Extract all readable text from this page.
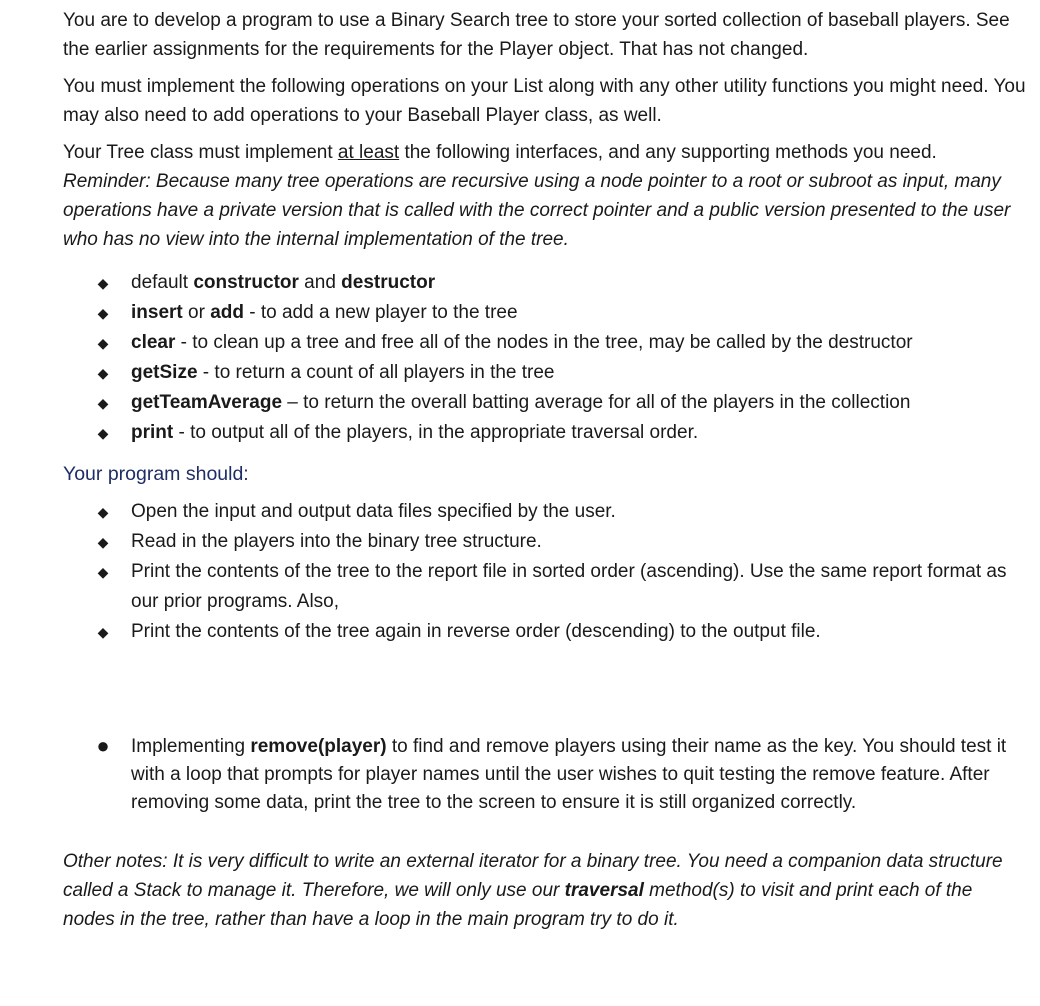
You are to develop a program to use a Binary Search tree to store your sorted collection of baseball players. See the earlier assignments for the requirements for the Player object. That has not changed.

You must implement the following operations on your List along with any other utility functions you might need. You may also need to add operations to your Baseball Player class, as well.

Your Tree class must implement at least the following interfaces, and any supporting methods you need. Reminder: Because many tree operations are recursive using a node pointer to a root or subroot as input, many operations have a private version that is called with the correct pointer and a public version presented to the user who has no view into the internal implementation of the tree.

◆ default constructor and destructor
◆ insert or add - to add a new player to the tree
◆ clear - to clean up a tree and free all of the nodes in the tree, may be called by the destructor
◆ getSize - to return a count of all players in the tree
◆ getTeamAverage – to return the overall batting average for all of the players in the collection
◆ print - to output all of the players, in the appropriate traversal order.

Your program should:

◆ Open the input and output data files specified by the user.
◆ Read in the players into the binary tree structure.
◆ Print the contents of the tree to the report file in sorted order (ascending). Use the same report format as our prior programs. Also,
◆ Print the contents of the tree again in reverse order (descending) to the output file.
● Implementing remove(player) to find and remove players using their name as the key. You should test it with a loop that prompts for player names until the user wishes to quit testing the remove feature. After removing some data, print the tree to the screen to ensure it is still organized correctly.

Other notes: It is very difficult to write an external iterator for a binary tree. You need a companion data structure called a Stack to manage it. Therefore, we will only use our traversal method(s) to visit and print each of the nodes in the tree, rather than have a loop in the main program try to do it.
